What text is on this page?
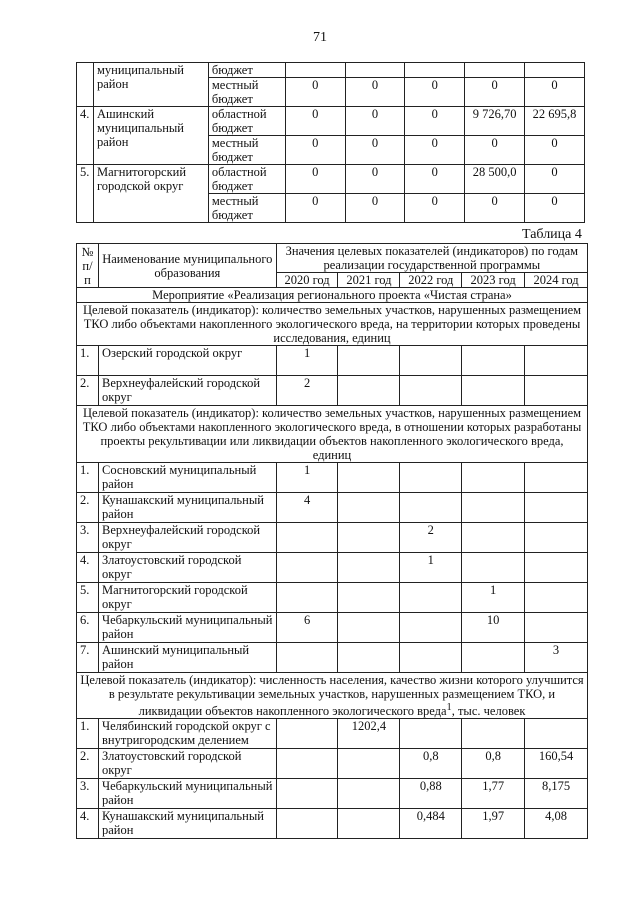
71
	муниципальный район	бюджет					
		местный бюджет	0	0	0	0	0
4.	Ашинский муниципальный район	областной бюджет	0	0	0	9 726,70	22 695,8
		местный бюджет	0	0	0	0	0
5.	Магнитогорский городской округ	областной бюджет	0	0	0	28 500,0	0
		местный бюджет	0	0	0	0	0
Таблица 4
№ п/п	Наименование муниципального образования	Значения целевых показателей (индикаторов) по годам реализации государственной программы				
		2020 год	2021 год	2022 год	2023 год	2024 год
Мероприятие «Реализация регионального проекта «Чистая страна»						
Целевой показатель (индикатор): количество земельных участков, нарушенных размещением ТКО либо объектами накопленного экологического вреда, на территории которых проведены исследования, единиц						
1.	Озерский городской округ	1				
2.	Верхнеуфалейский городской округ	2				
Целевой показатель (индикатор): количество земельных участков, нарушенных размещением ТКО либо объектами накопленного экологического вреда, в отношении которых разработаны проекты рекультивации или ликвидации объектов накопленного экологического вреда, единиц						
1.	Сосновский муниципальный район	1				
2.	Кунашакский муниципальный район	4				
3.	Верхнеуфалейский городской округ			2		
4.	Златоустовский городской округ			1		
5.	Магнитогорский городской округ				1	
6.	Чебаркульский муниципальный район	6			10	
7.	Ашинский муниципальный район					3
Целевой показатель (индикатор): численность населения, качество жизни которого улучшится в результате рекультивации земельных участков, нарушенных размещением ТКО, и ликвидации объектов накопленного экологического вреда$^1$, тыс. человек						
1.	Челябинский городской округ с внутригородским делением		1202,4			
2.	Златоустовский городской округ			0,8	0,8	160,54
3.	Чебаркульский муниципальный район			0,88	1,77	8,175
4.	Кунашакский муниципальный район			0,484	1,97	4,08
